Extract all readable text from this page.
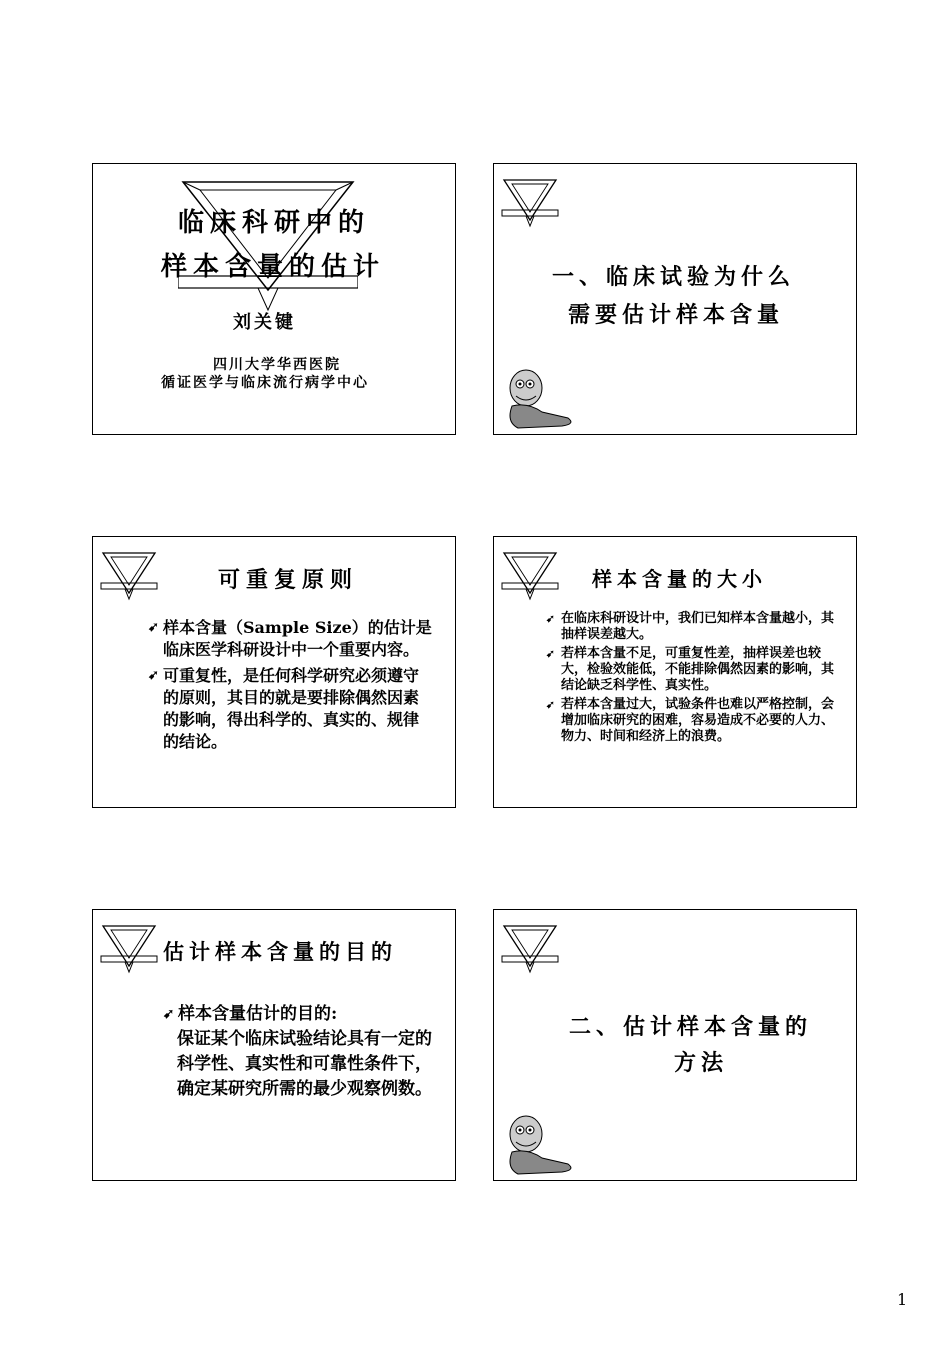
临床科研中的
样本含量的估计
刘关键
四川大学华西医院
循证医学与临床流行病学中心
一、临床试验为什么
需要估计样本含量
可重复原则
➹ 样本含量（Sample Size）的估计是临床医学科研设计中一个重要内容。
➹ 可重复性，是任何科学研究必须遵守的原则，其目的就是要排除偶然因素的影响，得出科学的、真实的、规律的结论。
样本含量的大小
➹ 在临床科研设计中，我们已知样本含量越小，其抽样误差越大。
➹ 若样本含量不足，可重复性差，抽样误差也较大，检验效能低，不能排除偶然因素的影响，其结论缺乏科学性、真实性。
➹ 若样本含量过大，试验条件也难以严格控制，会增加临床研究的困难，容易造成不必要的人力、物力、时间和经济上的浪费。
估计样本含量的目的
➹ 样本含量估计的目的:
保证某个临床试验结论具有一定的科学性、真实性和可靠性条件下，确定某研究所需的最少观察例数。
二、估计样本含量的
方法
1
